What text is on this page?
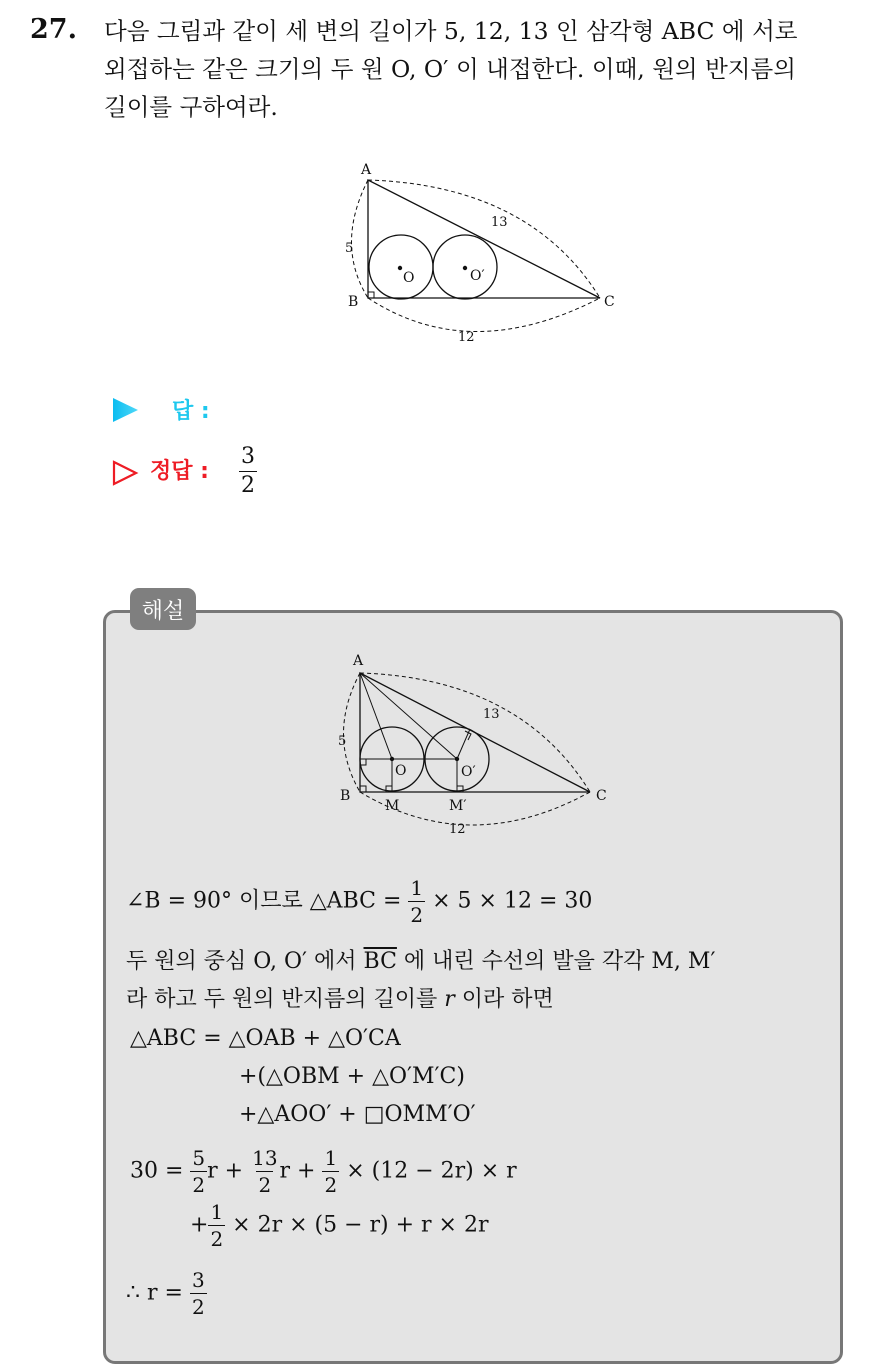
27. 다음 그림과 같이 세 변의 길이가 5, 12, 13 인 삼각형 ABC 에 서로
외접하는 같은 크기의 두 원 O, O′ 이 내접한다. 이때, 원의 반지름의
길이를 구하여라.
A
B	C
O	O′
5
12
13
답 :
정답 : $\frac{3}{2}$
해설
A
B	C
O	O′
M	M′
5
12
13
∠B = 90° 이므로 △ABC = $\frac{1}{2} \times 5 \times 12 = 30$
두 원의 중심 O, O′ 에서 $\overline{BC}$ 에 내린 수선의 발을 각각 M, M′
라 하고 두 원의 반지름의 길이를 r 이라 하면
△ABC = △OAB + △O′CA
+(△OBM + △O′M′C)
+△AOO′ + □OMM′O′
$30 = \frac{5}{2}$ $r + \frac{13}{2}$ $r + \frac{1}{2} \times (12 - 2r) \times r$
+ $\frac{1}{2} \times 2r \times (5 - r) + r \times 2r$
∴ $r = \frac{3}{2}$
